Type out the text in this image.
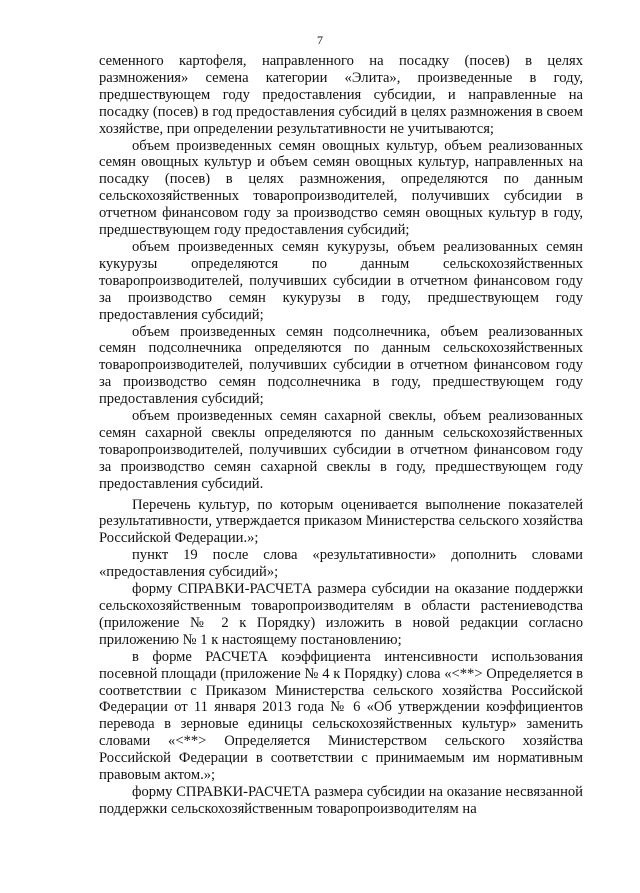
7

семенного картофеля, направленного на посадку (посев) в целях размножения» семена категории «Элита», произведенные в году, предшествующем году предоставления субсидии, и направленные на посадку (посев) в год предоставления субсидий в целях размножения в своем хозяйстве, при определении результативности не учитываются;

объем произведенных семян овощных культур, объем реализованных семян овощных культур и объем семян овощных культур, направленных на посадку (посев) в целях размножения, определяются по данным сельскохозяйственных товаропроизводителей, получивших субсидии в отчетном финансовом году за производство семян овощных культур в году, предшествующем году предоставления субсидий;

объем произведенных семян кукурузы, объем реализованных семян кукурузы определяются по данным сельскохозяйственных товаропроизводителей, получивших субсидии в отчетном финансовом году за производство семян кукурузы в году, предшествующем году предоставления субсидий;

объем произведенных семян подсолнечника, объем реализованных семян подсолнечника определяются по данным сельскохозяйственных товаропроизводителей, получивших субсидии в отчетном финансовом году за производство семян подсолнечника в году, предшествующем году предоставления субсидий;

объем произведенных семян сахарной свеклы, объем реализованных семян сахарной свеклы определяются по данным сельскохозяйственных товаропроизводителей, получивших субсидии в отчетном финансовом году за производство семян сахарной свеклы в году, предшествующем году предоставления субсидий.

Перечень культур, по которым оценивается выполнение показателей результативности, утверждается приказом Министерства сельского хозяйства Российской Федерации.»;

пункт 19 после слова «результативности» дополнить словами «предоставления субсидий»;

форму СПРАВКИ-РАСЧЕТА размера субсидии на оказание поддержки сельскохозяйственным товаропроизводителям в области растениеводства (приложение № 2 к Порядку) изложить в новой редакции согласно приложению № 1 к настоящему постановлению;

в форме РАСЧЕТА коэффициента интенсивности использования посевной площади (приложение № 4 к Порядку) слова «<**> Определяется в соответствии с Приказом Министерства сельского хозяйства Российской Федерации от 11 января 2013 года № 6 «Об утверждении коэффициентов перевода в зерновые единицы сельскохозяйственных культур» заменить словами «<**> Определяется Министерством сельского хозяйства Российской Федерации в соответствии с принимаемым им нормативным правовым актом.»;

форму СПРАВКИ-РАСЧЕТА размера субсидии на оказание несвязанной поддержки сельскохозяйственным товаропроизводителям на
